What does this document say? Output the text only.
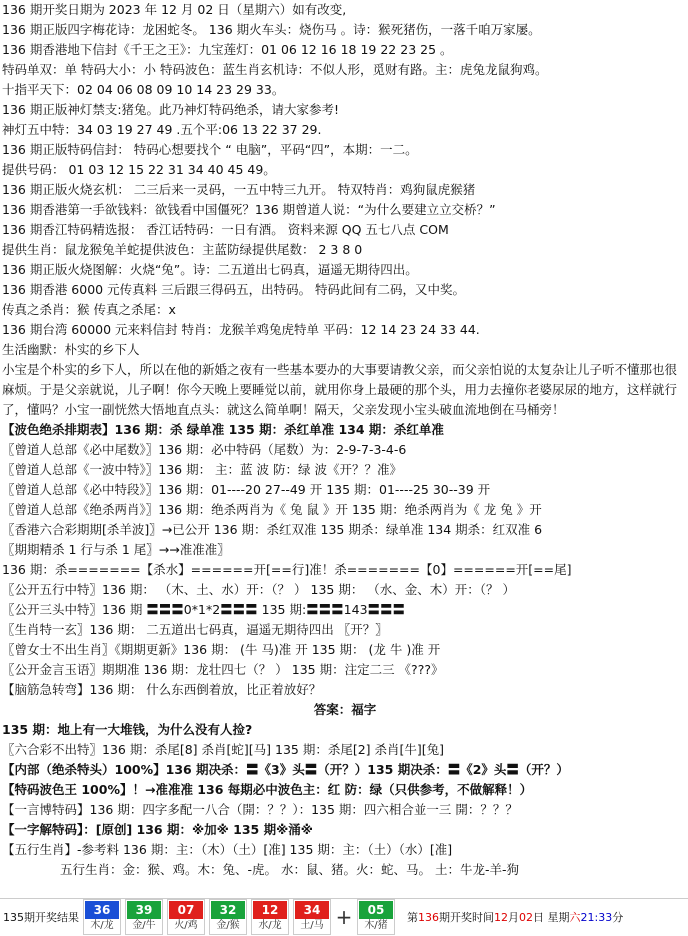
136 期开奖日期为 2023 年 12 月 02 日（星期六）如有改变,
136 期正版四字梅花诗：龙困蛇冬。 136 期火车头：烧伤马 。诗：猴死猪伤，一落千咱万家屡。
136 期香港地下信封《千王之王》：九宝莲灯：01 06 12 16 18 19 22 23 25 。
特码单双：单 特码大小：小 特码波色：蓝生肖玄机诗：不似人形，觅财有路。主：虎兔龙鼠狗鸡。
十指平天下：02 04 06 08 09 10 14 23 29 33。
136 期正版神灯禁支:猪兔。此乃神灯特码绝杀，请大家参考!
神灯五中特：34 03 19 27 49 .五个平:06 13 22 37 29.
136 期正版特码信封： 特码心想要找个 “ 电脑”，平码“四”，本期：一二。
提供号码： 01 03 12 15 22 31 34 40 45 49。
136 期正版火烧玄机： 二三后来一灵码，一五中特三九开。 特双特肖：鸡狗鼠虎猴猪
136 期香港第一手欲钱料：欲钱看中国僵死？136 期曾道人说：“为什么要建立立交桥？”
136 期香江特码精选报： 香江话特码：一日有酒。 资料来源 QQ 五七八点 COM
提供生肖：鼠龙猴兔羊蛇提供波色：主蓝防绿提供尾数： 2 3 8 0
136 期正版火烧图解：火烧“兔”。诗：二五道出七码真，逼遥无期待四出。
136 期香港 6000 元传真料 三后跟三得码五，出特码。 特码此间有二码，又中奖。
传真之杀肖：猴 传真之杀尾：ⅹ
136 期台湾 60000 元来料信封 特肖：龙猴羊鸡兔虎特单 平码：12 14 23 24 33 44.
生活幽默：朴实的乡下人
小宝是个朴实的乡下人，所以在他的新婚之夜有一些基本要办的大事要请教父亲，而父亲怕说的太复杂让儿子听不懂那也很麻烦。于是父亲就说，儿子啊！你今天晚上要睡觉以前，就用你身上最硬的那个头，用力去撞你老婆尿尿的地方，这样就行了，懂吗？小宝一副恍然大悟地直点头：就这么简单啊！隔天，父亲发现小宝头破血流地倒在马桶旁！
【波色绝杀排期表】136 期：杀 绿单准 135 期：杀红单准 134 期：杀红单准
〖曾道人总部《必中尾数》〗136 期：必中特码（尾数）为：2-9-7-3-4-6
〖曾道人总部《一波中特》〗136 期： 主：蓝 波 防：绿 波《开？？准》
〖曾道人总部《必中特段》〗136 期：01----20 27--49 开 135 期：01----25 30--39 开
〖曾道人总部《绝杀两肖》〗136 期：绝杀两肖为《 兔 鼠 》开 135 期：绝杀两肖为《 龙 兔 》开
〖香港六合彩期期[杀羊波]〗→已公开 136 期：杀红双准 135 期杀：绿单准 134 期杀：红双准 6
〖期期精杀 1 行与杀 1 尾〗→→准准准〗
136 期：杀=======【杀水】======开[==行]准！杀=======【0】======开[==尾]
〖公开五行中特〗136 期： （木、土、水）开：（？ ） 135 期： （水、金、木）开：（？ ）
〖公开三头中特〗136 期 〓〓〓0*1*2〓〓〓 135 期:〓〓〓143〓〓〓
〖生肖特一玄〗136 期： 二五道出七码真，逼遥无期待四出 〖开？〗
〖曾女士不出生肖〗《期期更新》136 期： (牛 马)准 开 135 期： (龙 牛 )准 开
〖公开金言玉语〗期期准 136 期：龙壮四七（？ ） 135 期：注定二三 《???》
【脑筋急转弯】136 期： 什么东西倒着放，比正着放好？
答案：福字
135 期：地上有一大堆钱，为什么没有人捡?
〖六合彩不出特〗136 期：杀尾[8] 杀肖[蛇][马] 135 期：杀尾[2] 杀肖[牛][兔]
【内部（绝杀特头）100%】136 期决杀：〓《3》头〓（开？）135 期决杀：〓《2》头〓（开？）
【特码波色王 100%】！→准准准 136 每期必中波色主：红 防：绿（只供参考，不做解释！）
【一言博特码】136 期：四字多配一八合（開：？？）：135 期：四六相合並一三 開：？？？
【一字解特码】：[原创] 136 期：※加※ 135 期※涌※
【五行生肖】-参考料 136 期：主：（木）（土）[准] 135 期：主：（土）（水）[准]
五行生肖：金：猴、鸡。木：兔、-虎。 水：鼠、猪。火：蛇、马。 土：牛龙-羊-狗
135期开奖结果
36
木/龙
39
金/牛
07
火/鸡
32
金/猴
12
水/龙
34
土/马 +	05
木/猪
第136期开奖时间12月02日 星期六21:33分
